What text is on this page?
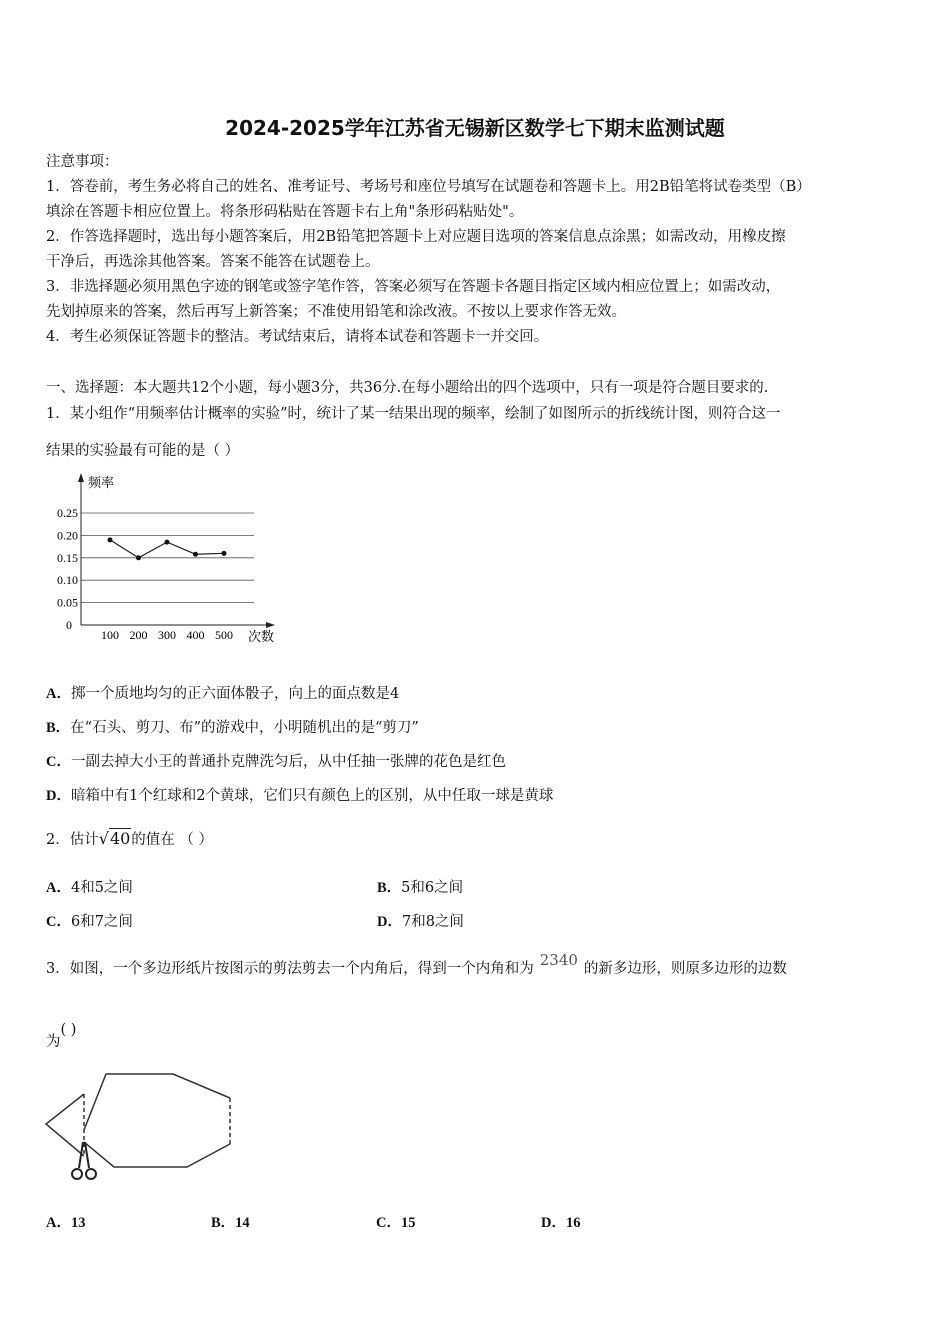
2024-2025学年江苏省无锡新区数学七下期末监测试题
注意事项：
1．答卷前，考生务必将自己的姓名、准考证号、考场号和座位号填写在试题卷和答题卡上。用2B铅笔将试卷类型（B）
填涂在答题卡相应位置上。将条形码粘贴在答题卡右上角"条形码粘贴处"。
2．作答选择题时，选出每小题答案后，用2B铅笔把答题卡上对应题目选项的答案信息点涂黑；如需改动，用橡皮擦
干净后，再选涂其他答案。答案不能答在试题卷上。
3．非选择题必须用黑色字迹的钢笔或签字笔作答，答案必须写在答题卡各题目指定区域内相应位置上；如需改动，
先划掉原来的答案，然后再写上新答案；不准使用铅笔和涂改液。不按以上要求作答无效。
4．考生必须保证答题卡的整洁。考试结束后，请将本试卷和答题卡一并交回。
一、选择题：本大题共12个小题，每小题3分，共36分.在每小题给出的四个选项中，只有一项是符合题目要求的.
1．某小组作“用频率估计概率的实验”时，统计了某一结果出现的频率，绘制了如图所示的折线统计图，则符合这一
结果的实验最有可能的是（ ）
频率
次数
0
0.25
0.20
0.15
0.10
0.05
100 200 300 400 500
A．掷一个质地均匀的正六面体骰子，向上的面点数是4
B．在“石头、剪刀、布”的游戏中，小明随机出的是“剪刀”
C．一副去掉大小王的普通扑克牌洗匀后，从中任抽一张牌的花色是红色
D．暗箱中有1个红球和2个黄球，它们只有颜色上的区别，从中任取一球是黄球
2．估计√40的值在 （ ）
A．4和5之间	B．5和6之间
C．6和7之间	D．7和8之间
3．如图，一个多边形纸片按图示的剪法剪去一个内角后，得到一个内角和为 2340 的新多边形，则原多边形的边数
为( )
A．13	B．14	C．15	D．16
